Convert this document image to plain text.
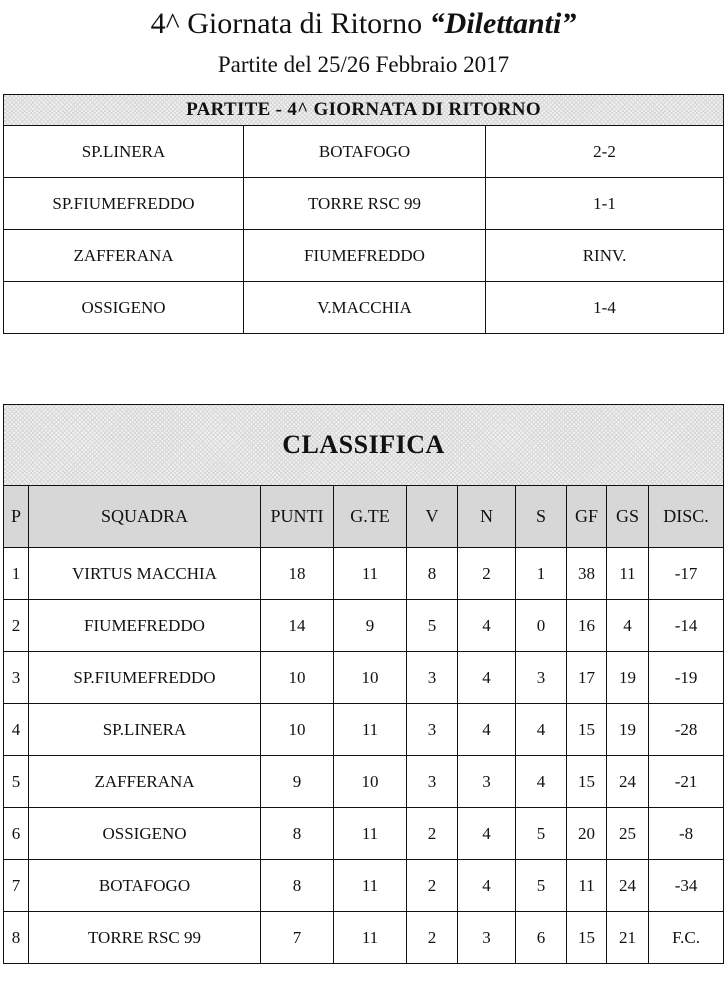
4^ Giornata di Ritorno “Dilettanti”
Partite del 25/26 Febbraio 2017
PARTITE - 4^ GIORNATA DI RITORNO		
SP.LINERA	BOTAFOGO	2-2
SP.FIUMEFREDDO	TORRE RSC 99	1-1
ZAFFERANA	FIUMEFREDDO	RINV.
OSSIGENO	V.MACCHIA	1-4
CLASSIFICA									
P	SQUADRA	PUNTI	G.TE	V	N	S	GF	GS	DISC.
1	VIRTUS MACCHIA	18	11	8	2	1	38	11	-17
2	FIUMEFREDDO	14	9	5	4	0	16	4	-14
3	SP.FIUMEFREDDO	10	10	3	4	3	17	19	-19
4	SP.LINERA	10	11	3	4	4	15	19	-28
5	ZAFFERANA	9	10	3	3	4	15	24	-21
6	OSSIGENO	8	11	2	4	5	20	25	-8
7	BOTAFOGO	8	11	2	4	5	11	24	-34
8	TORRE RSC 99	7	11	2	3	6	15	21	F.C.
